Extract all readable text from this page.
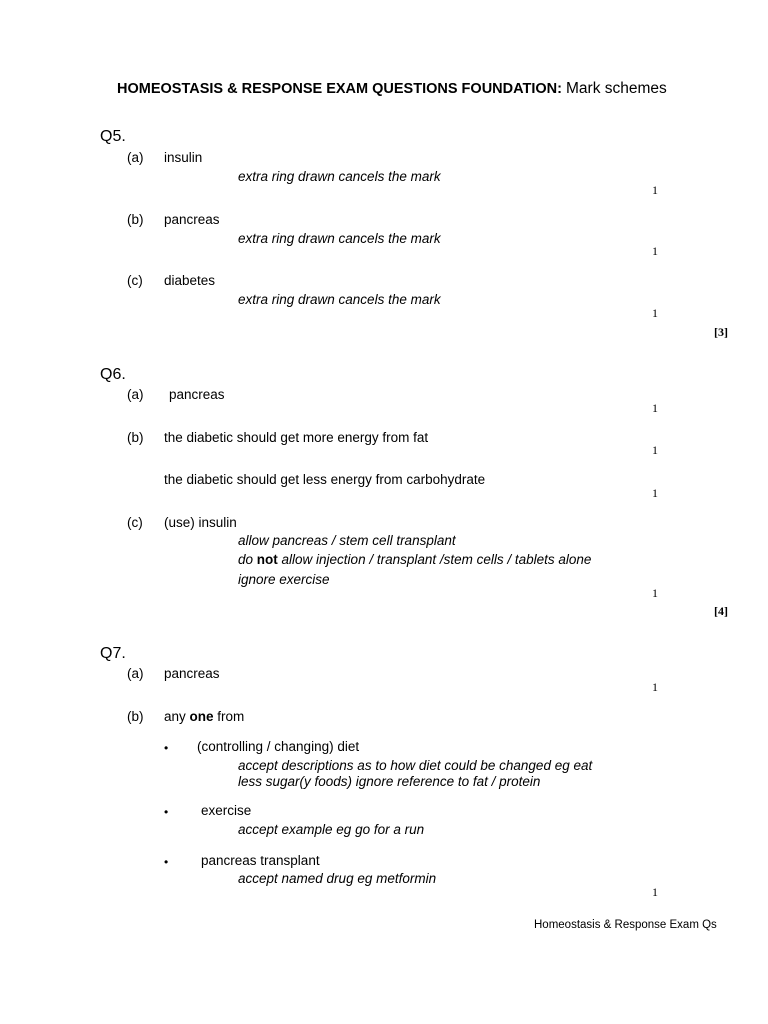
HOMEOSTASIS & RESPONSE EXAM QUESTIONS FOUNDATION: Mark schemes
Q5.
(a) insulin
extra ring drawn cancels the mark
1
(b) pancreas
extra ring drawn cancels the mark
1
(c) diabetes
extra ring drawn cancels the mark
1
[3]
Q6.
(a) pancreas
1
(b) the diabetic should get more energy from fat
1
the diabetic should get less energy from carbohydrate
1
(c) (use) insulin
allow pancreas / stem cell transplant
do not allow injection / transplant /stem cells / tablets alone
ignore exercise
1
[4]
Q7.
(a) pancreas
1
(b) any one from
• (controlling / changing) diet
accept descriptions as to how diet could be changed eg eat
less sugar(y foods) ignore reference to fat / protein
• exercise
accept example eg go for a run
• pancreas transplant
accept named drug eg metformin
1
Homeostasis & Response Exam Qs
